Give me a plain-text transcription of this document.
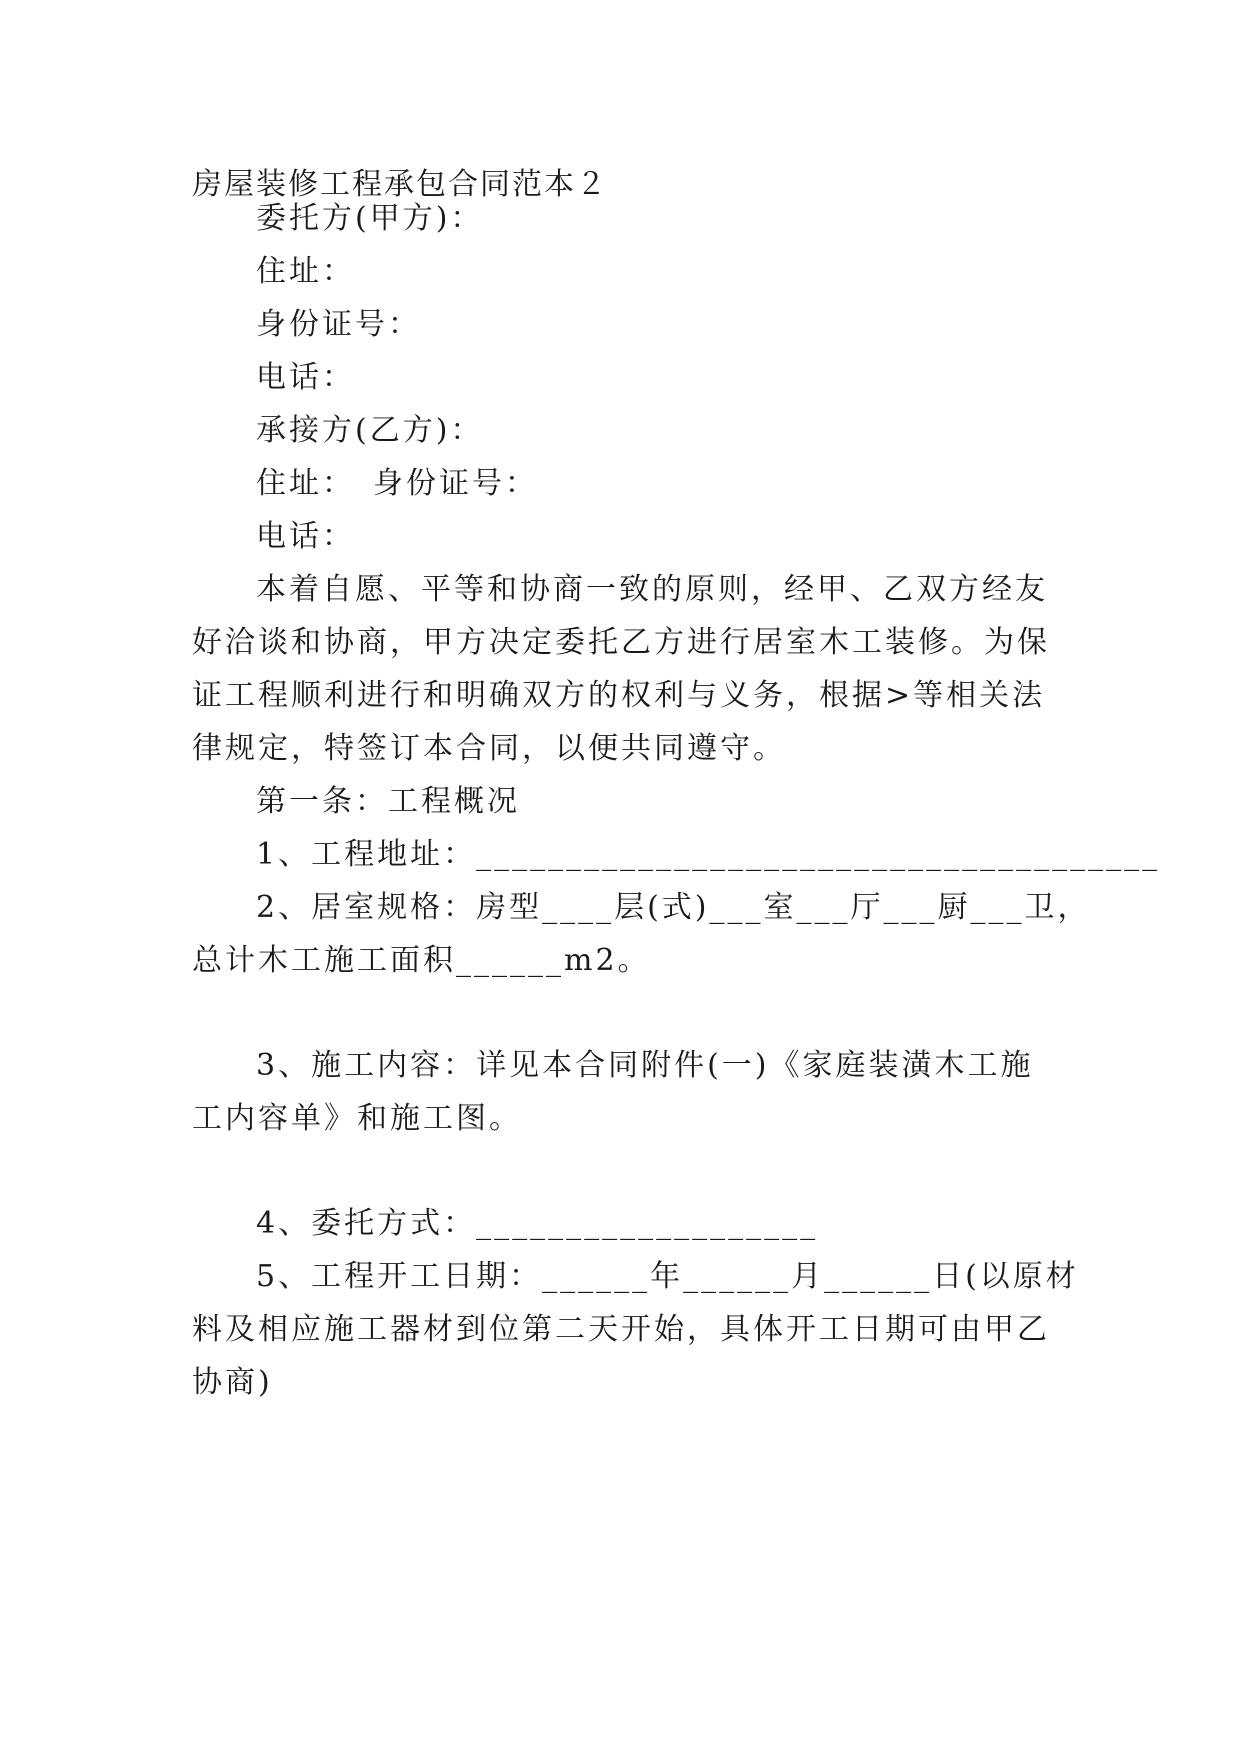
房屋装修工程承包合同范本２
委托方(甲方)：
住址：
身份证号：
电话：
承接方(乙方)：
住址：　身份证号：
电话：
本着自愿、平等和协商一致的原则，经甲、乙双方经友
好洽谈和协商，甲方决定委托乙方进行居室木工装修。为保
证工程顺利进行和明确双方的权利与义务，根据>等相关法
律规定，特签订本合同，以便共同遵守。
第一条：工程概况
1、工程地址：______________________________________
2、居室规格：房型____层(式)___室___厅___厨___卫，
总计木工施工面积______m2。
3、施工内容：详见本合同附件(一)《家庭装潢木工施
工内容单》和施工图。
4、委托方式：___________________
5、工程开工日期：______年______月______日(以原材
料及相应施工器材到位第二天开始，具体开工日期可由甲乙
协商)
